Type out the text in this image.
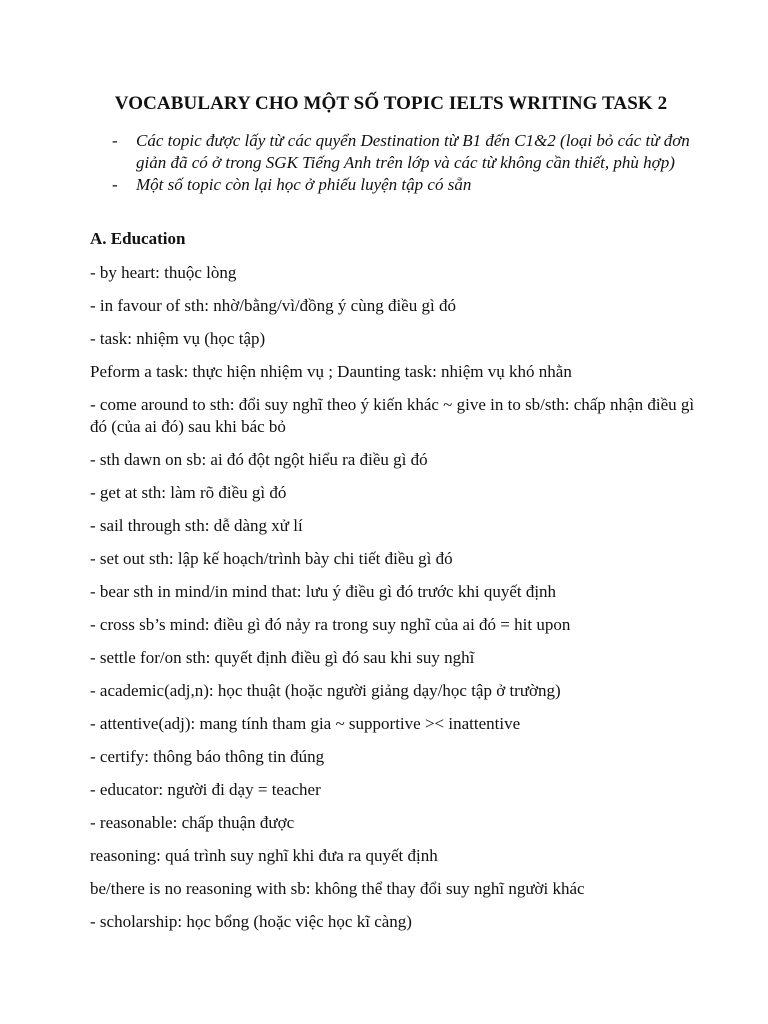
VOCABULARY CHO MỘT SỐ TOPIC IELTS WRITING TASK 2
- Các topic được lấy từ các quyển Destination từ B1 đến C1&2 (loại bỏ các từ đơn giản đã có ở trong SGK Tiếng Anh trên lớp và các từ không cần thiết, phù hợp)
- Một số topic còn lại học ở phiếu luyện tập có sẵn
A. Education

- by heart: thuộc lòng

- in favour of sth: nhờ/bằng/vì/đồng ý cùng điều gì đó

- task: nhiệm vụ (học tập)

Peform a task: thực hiện nhiệm vụ ; Daunting task: nhiệm vụ khó nhằn

- come around to sth: đổi suy nghĩ theo ý kiến khác ~ give in to sb/sth: chấp nhận điều gì đó (của ai đó) sau khi bác bỏ

- sth dawn on sb: ai đó đột ngột hiểu ra điều gì đó

- get at sth: làm rõ điều gì đó

- sail through sth: dễ dàng xử lí

- set out sth: lập kế hoạch/trình bày chi tiết điều gì đó

- bear sth in mind/in mind that: lưu ý điều gì đó trước khi quyết định

- cross sb’s mind: điều gì đó nảy ra trong suy nghĩ của ai đó = hit upon

- settle for/on sth: quyết định điều gì đó sau khi suy nghĩ

- academic(adj,n): học thuật (hoặc người giảng dạy/học tập ở trường)

- attentive(adj): mang tính tham gia ~ supportive >< inattentive

- certify: thông báo thông tin đúng

- educator: người đi dạy = teacher

- reasonable: chấp thuận được

reasoning: quá trình suy nghĩ khi đưa ra quyết định

be/there is no reasoning with sb: không thể thay đổi suy nghĩ người khác

- scholarship: học bổng (hoặc việc học kĩ càng)
